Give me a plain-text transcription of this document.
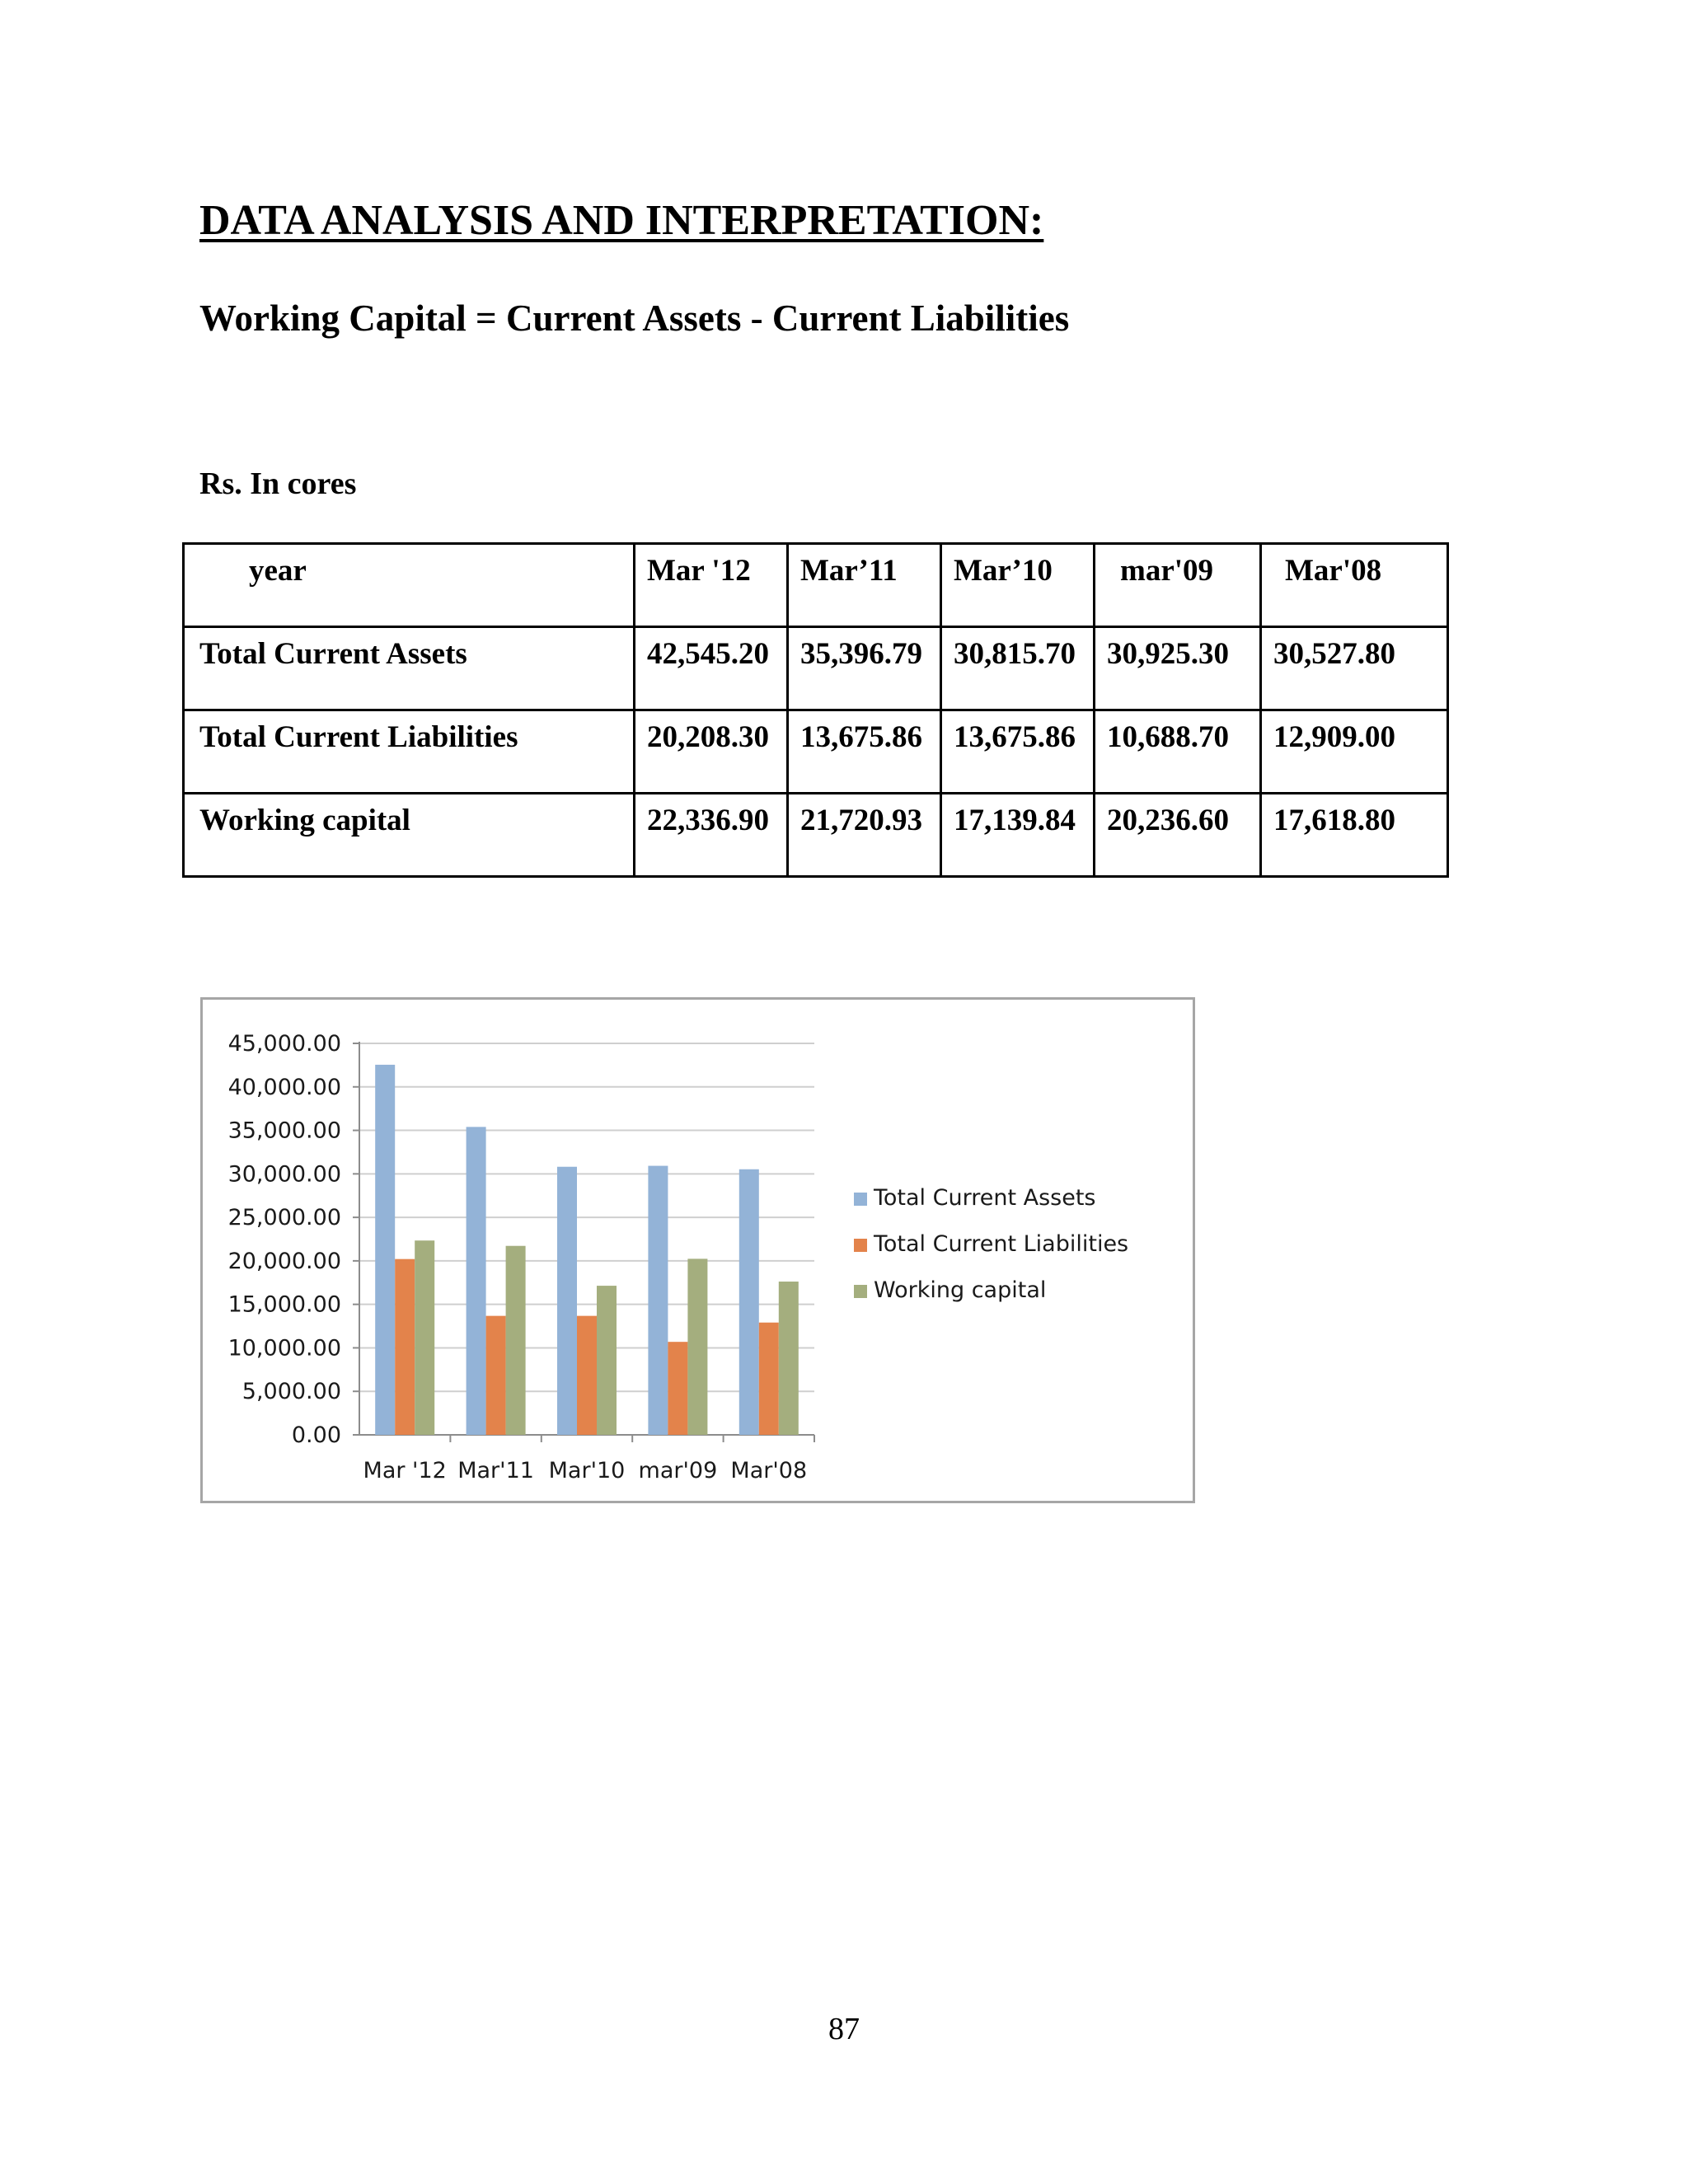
DATA ANALYSIS AND INTERPRETATION:
Working Capital = Current Assets - Current Liabilities

Rs. In cores

year	Mar '12	Mar’11	Mar’10	mar'09	Mar'08
Total Current Assets	42,545.20	35,396.79	30,815.70	30,925.30	30,527.80
Total Current Liabilities	20,208.30	13,675.86	13,675.86	10,688.70	12,909.00
Working capital	22,336.90	21,720.93	17,139.84	20,236.60	17,618.80
45,000.00
40,000.00
35,000.00
30,000.00
25,000.00
20,000.00
15,000.00
10,000.00
5,000.00
0.00
Mar '12 Mar'11 Mar'10 mar'09 Mar'08
Total Current Assets
Total Current Liabilities
Working capital

87
